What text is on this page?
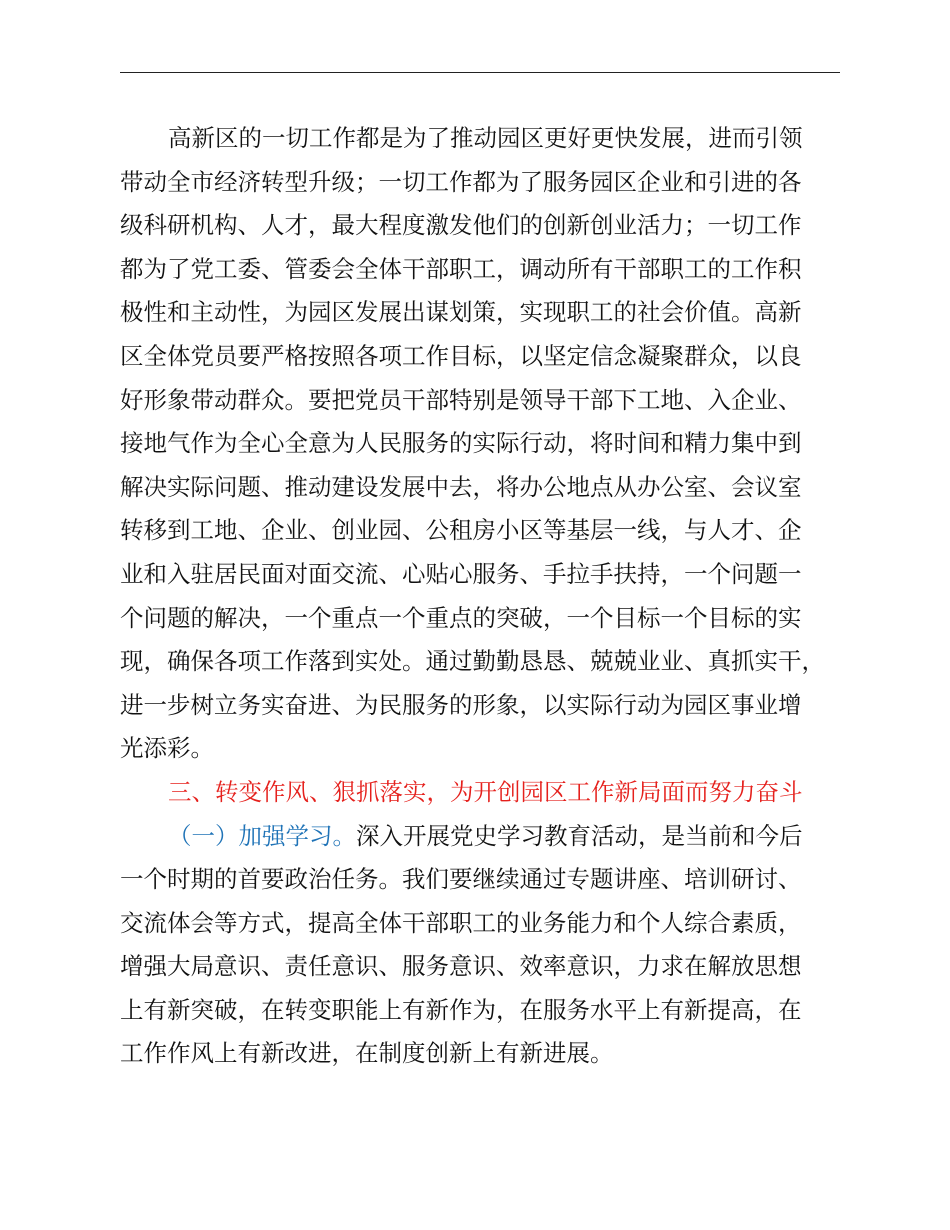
高新区的一切工作都是为了推动园区更好更快发展，进而引领
带动全市经济转型升级；一切工作都为了服务园区企业和引进的各
级科研机构、人才，最大程度激发他们的创新创业活力；一切工作
都为了党工委、管委会全体干部职工，调动所有干部职工的工作积
极性和主动性，为园区发展出谋划策，实现职工的社会价值。高新
区全体党员要严格按照各项工作目标，以坚定信念凝聚群众，以良
好形象带动群众。要把党员干部特别是领导干部下工地、入企业、
接地气作为全心全意为人民服务的实际行动，将时间和精力集中到
解决实际问题、推动建设发展中去，将办公地点从办公室、会议室
转移到工地、企业、创业园、公租房小区等基层一线，与人才、企
业和入驻居民面对面交流、心贴心服务、手拉手扶持，一个问题一
个问题的解决，一个重点一个重点的突破，一个目标一个目标的实
现，确保各项工作落到实处。通过勤勤恳恳、兢兢业业、真抓实干，
进一步树立务实奋进、为民服务的形象，以实际行动为园区事业增
光添彩。
三、转变作风、狠抓落实，为开创园区工作新局面而努力奋斗
（一）加强学习。深入开展党史学习教育活动，是当前和今后
一个时期的首要政治任务。我们要继续通过专题讲座、培训研讨、
交流体会等方式，提高全体干部职工的业务能力和个人综合素质，
增强大局意识、责任意识、服务意识、效率意识，力求在解放思想
上有新突破，在转变职能上有新作为，在服务水平上有新提高，在
工作作风上有新改进，在制度创新上有新进展。
